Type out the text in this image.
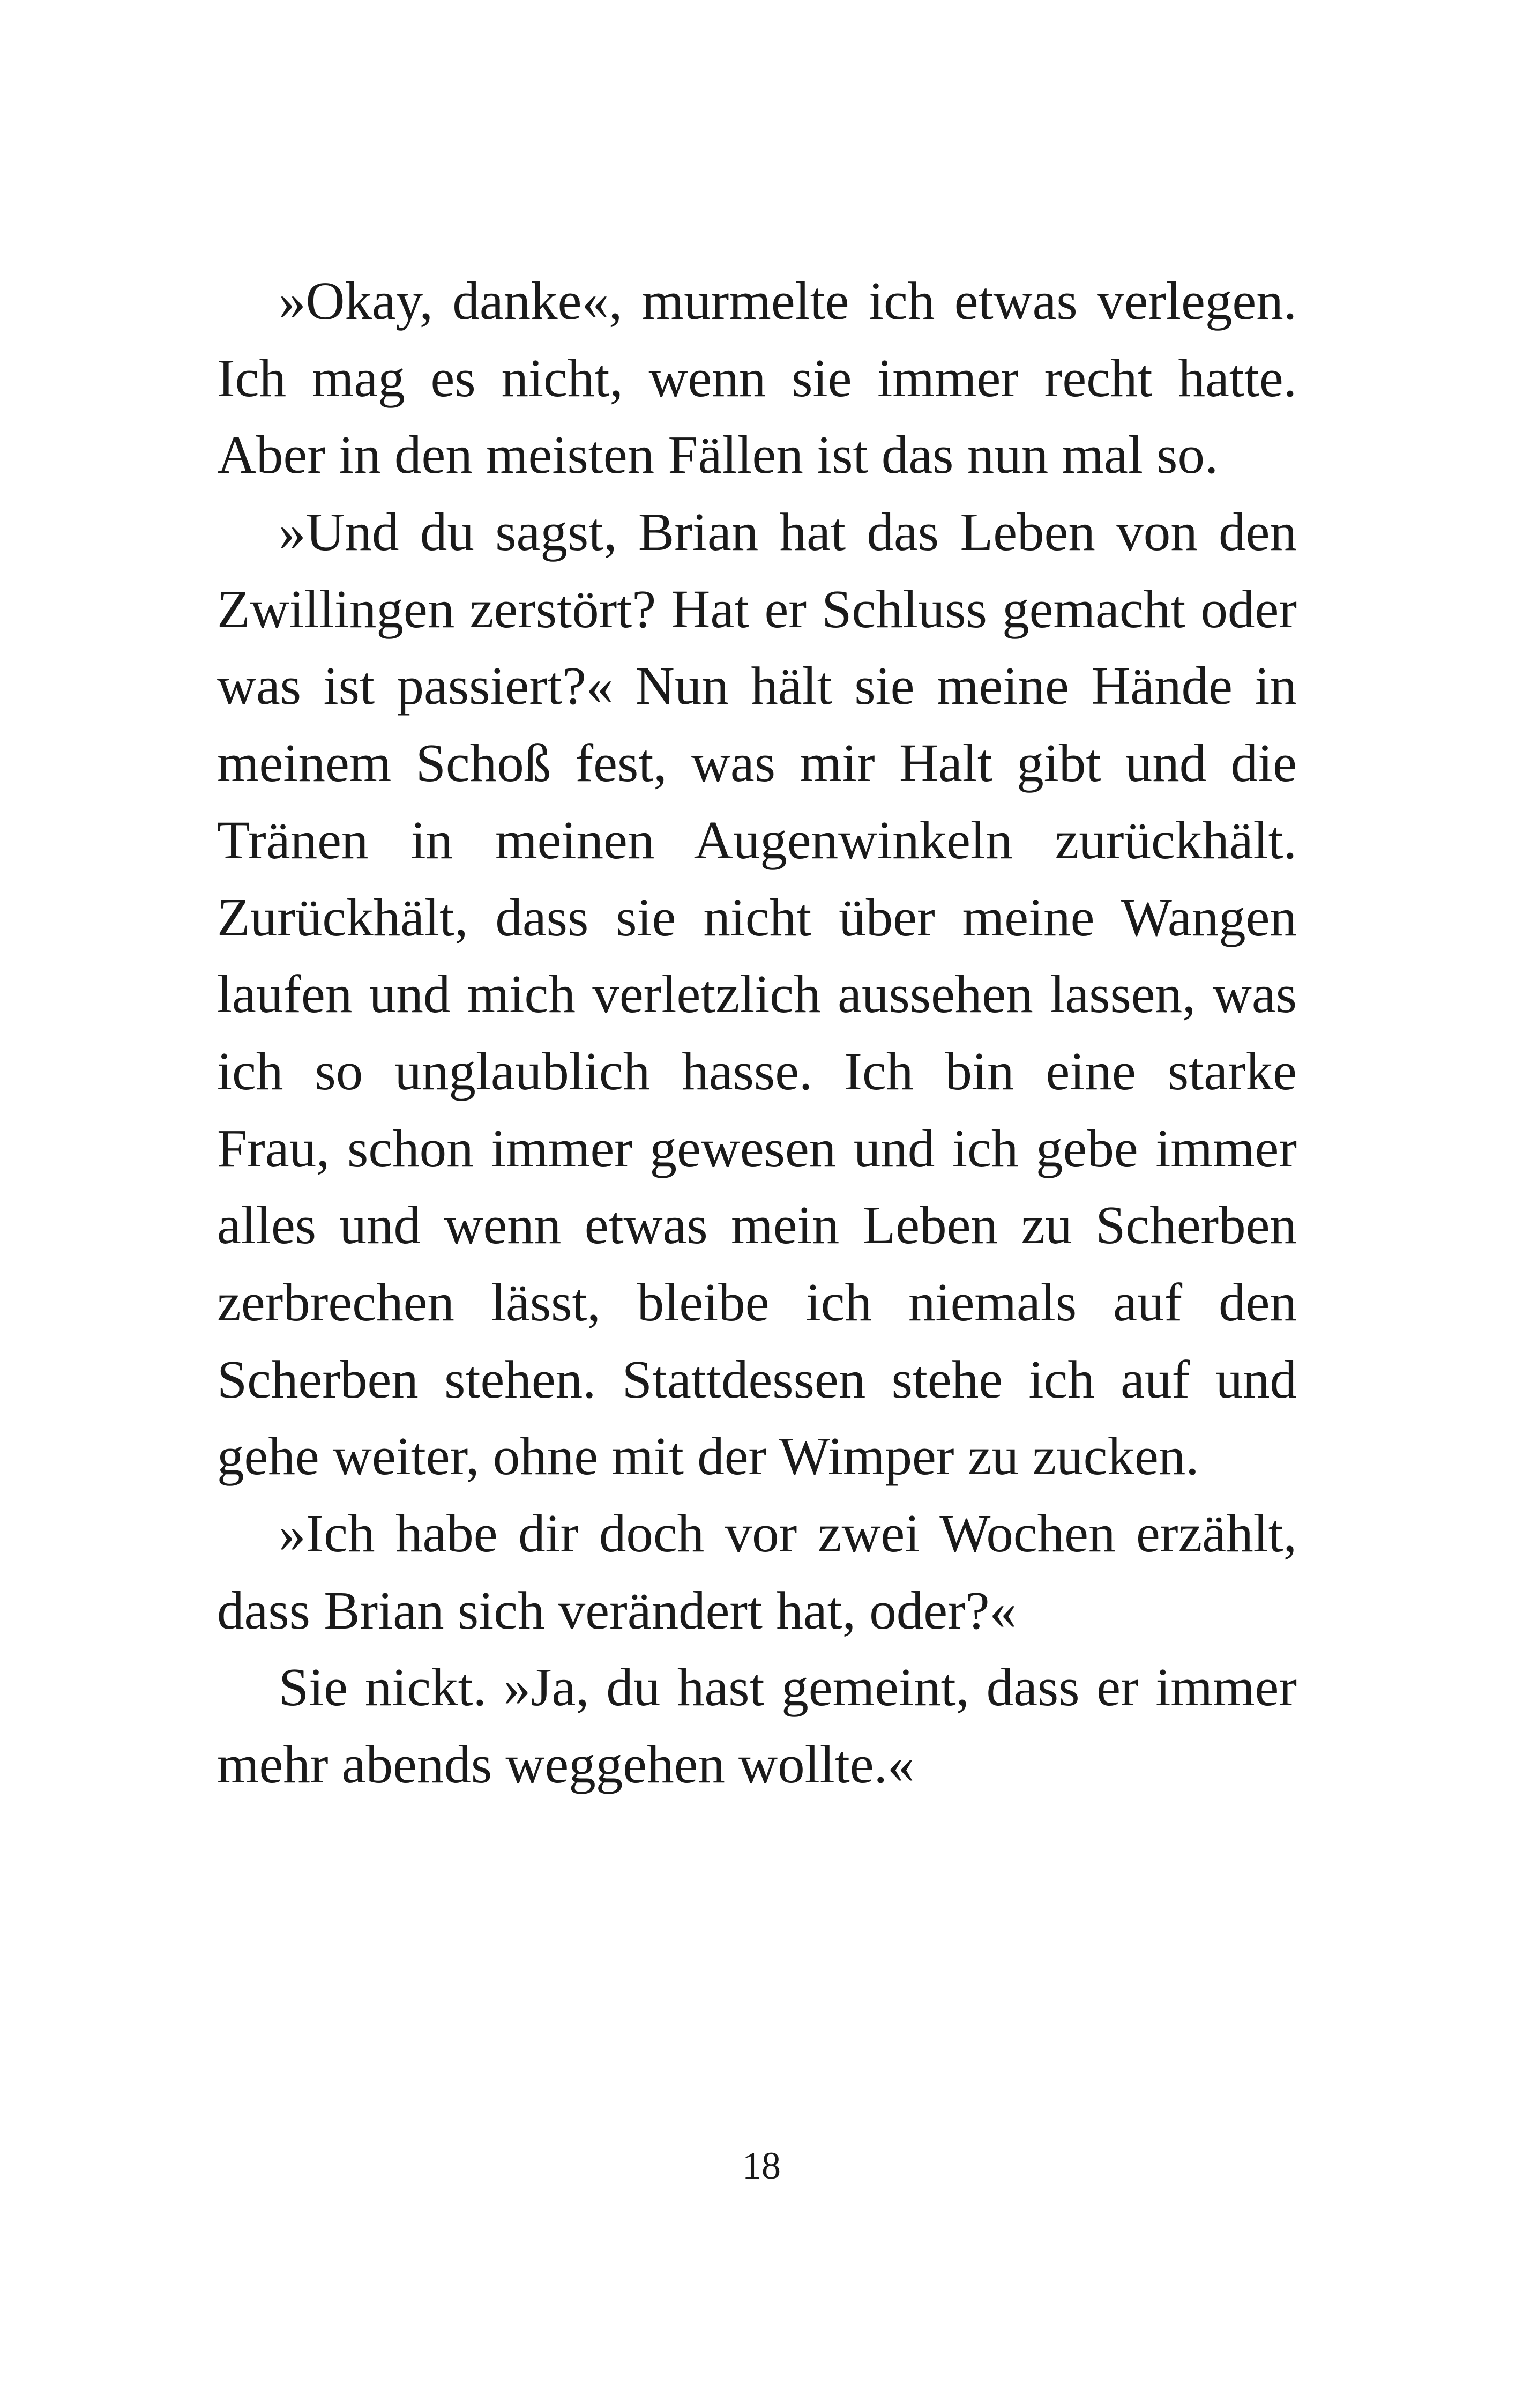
»Okay, danke«, murmelte ich etwas verlegen.
Ich mag es nicht, wenn sie immer recht hatte.
Aber in den meisten Fällen ist das nun mal so.
»Und du sagst, Brian hat das Leben von den
Zwillingen zerstört? Hat er Schluss gemacht oder
was ist passiert?« Nun hält sie meine Hände in
meinem Schoß fest, was mir Halt gibt und die
Tränen in meinen Augenwinkeln zurückhält.
Zurückhält, dass sie nicht über meine Wangen
laufen und mich verletzlich aussehen lassen, was
ich so unglaublich hasse. Ich bin eine starke
Frau, schon immer gewesen und ich gebe immer
alles und wenn etwas mein Leben zu Scherben
zerbrechen lässt, bleibe ich niemals auf den
Scherben stehen. Stattdessen stehe ich auf und
gehe weiter, ohne mit der Wimper zu zucken.
»Ich habe dir doch vor zwei Wochen erzählt,
dass Brian sich verändert hat, oder?«
Sie nickt. »Ja, du hast gemeint, dass er immer
mehr abends weggehen wollte.«
18
